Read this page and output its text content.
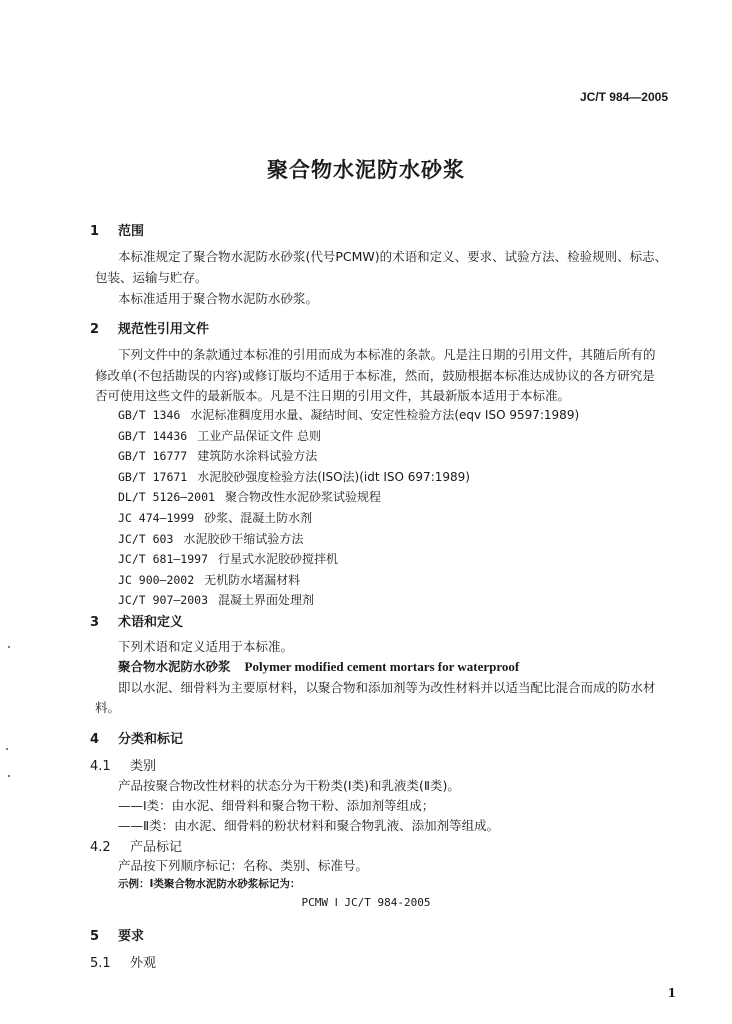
JC/T 984—2005
聚合物水泥防水砂浆
1 范围
本标准规定了聚合物水泥防水砂浆(代号PCMW)的术语和定义、要求、试验方法、检验规则、标志、
包装、运输与贮存。
本标准适用于聚合物水泥防水砂浆。
2 规范性引用文件
下列文件中的条款通过本标准的引用而成为本标准的条款。凡是注日期的引用文件，其随后所有的
修改单(不包括勘误的内容)或修订版均不适用于本标准，然而，鼓励根据本标准达成协议的各方研究是
否可使用这些文件的最新版本。凡是不注日期的引用文件，其最新版本适用于本标准。
GB/T 1346 水泥标准稠度用水量、凝结时间、安定性检验方法(eqv ISO 9597:1989)
GB/T 14436 工业产品保证文件 总则
GB/T 16777 建筑防水涂料试验方法
GB/T 17671 水泥胶砂强度检验方法(ISO法)(idt ISO 697:1989)
DL/T 5126—2001 聚合物改性水泥砂浆试验规程
JC 474—1999 砂浆、混凝土防水剂
JC/T 603 水泥胶砂干缩试验方法
JC/T 681—1997 行星式水泥胶砂搅拌机
JC 900—2002 无机防水堵漏材料
JC/T 907—2003 混凝土界面处理剂
3 术语和定义
下列术语和定义适用于本标准。
聚合物水泥防水砂浆 Polymer modified cement mortars for waterproof
即以水泥、细骨料为主要原材料，以聚合物和添加剂等为改性材料并以适当配比混合而成的防水材
料。
4 分类和标记
4.1 类别
产品按聚合物改性材料的状态分为干粉类(Ⅰ类)和乳液类(Ⅱ类)。
——Ⅰ类：由水泥、细骨料和聚合物干粉、添加剂等组成；
——Ⅱ类：由水泥、细骨料的粉状材料和聚合物乳液、添加剂等组成。
4.2 产品标记
产品按下列顺序标记：名称、类别、标准号。
示例：Ⅰ类聚合物水泥防水砂浆标记为：
PCMW Ⅰ JC/T 984-2005
5 要求
5.1 外观
1
